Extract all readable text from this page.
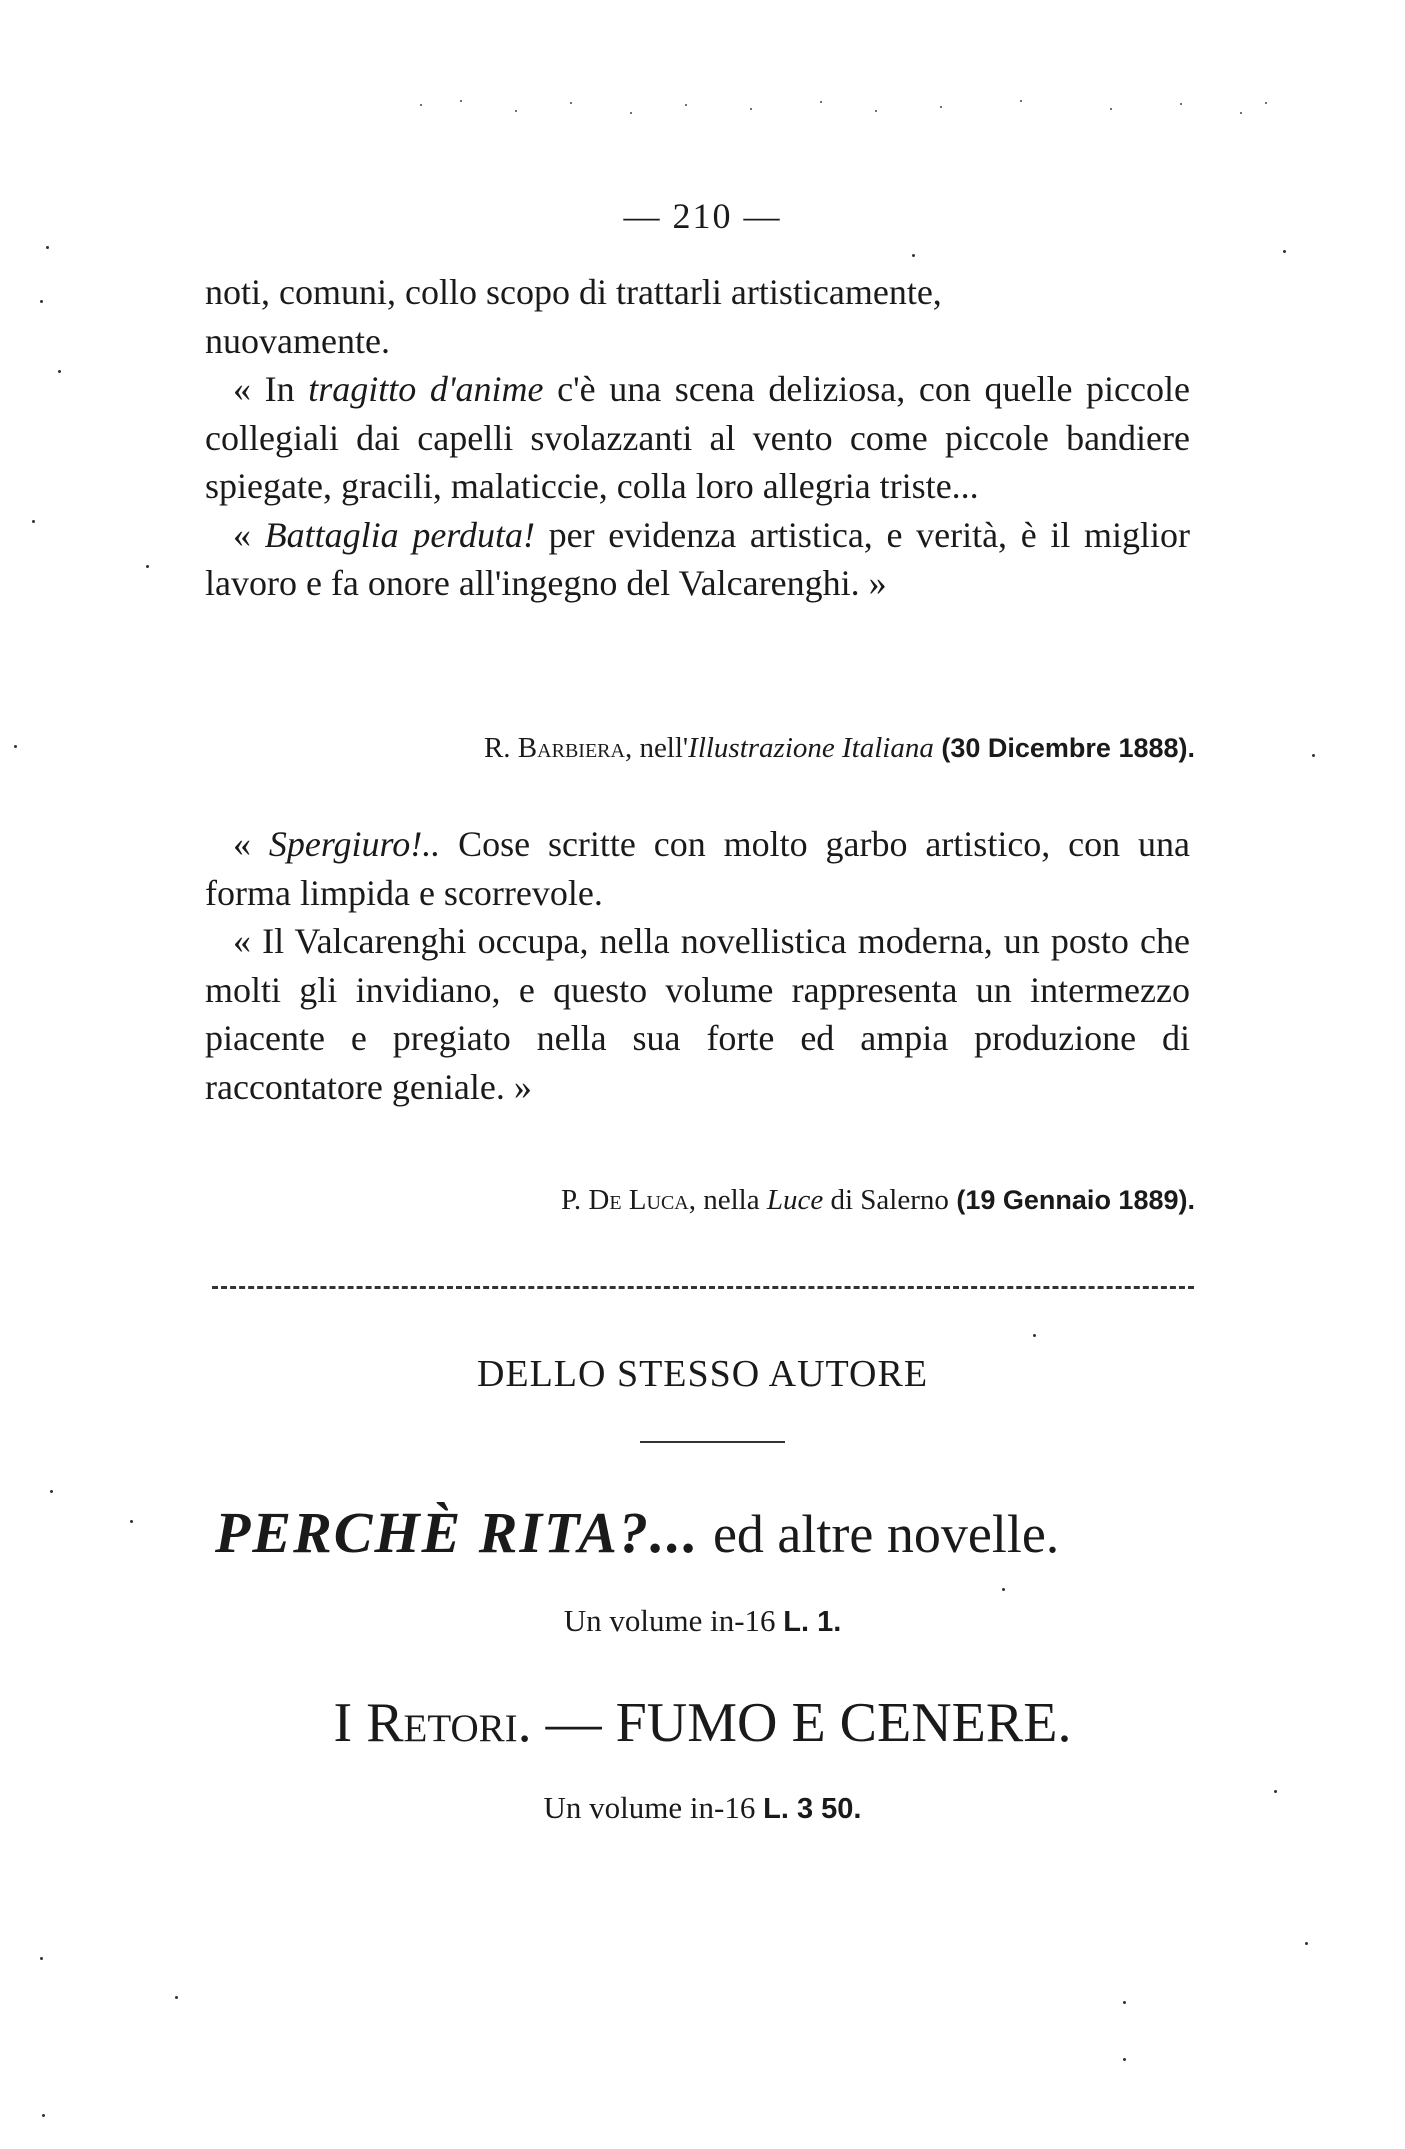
— 210 —

noti, comuni, collo scopo di trattarli artisticamente,

nuovamente.

« In tragitto d'anime c'è una scena deliziosa, con quelle piccole collegiali dai capelli svolazzanti al vento come piccole bandiere spiegate, gracili, malaticcie, colla loro allegria triste...

« Battaglia perduta! per evidenza artistica, e verità, è il miglior lavoro e fa onore all'ingegno del Valcarenghi. »

R. Barbiera, nell'Illustrazione Italiana (30 Dicembre 1888).

« Spergiuro!.. Cose scritte con molto garbo artistico, con una forma limpida e scorrevole.

« Il Valcarenghi occupa, nella novellistica moderna, un posto che molti gli invidiano, e questo volume rappresenta un intermezzo piacente e pregiato nella sua forte ed ampia produzione di raccontatore geniale. »

P. De Luca, nella Luce di Salerno (19 Gennaio 1889).
DELLO STESSO AUTORE
PERCHÈ RITA?... ed altre novelle.
Un volume in-16 L. 1.
I Retori. — FUMO E CENERE.
Un volume in-16 L. 3 50.
